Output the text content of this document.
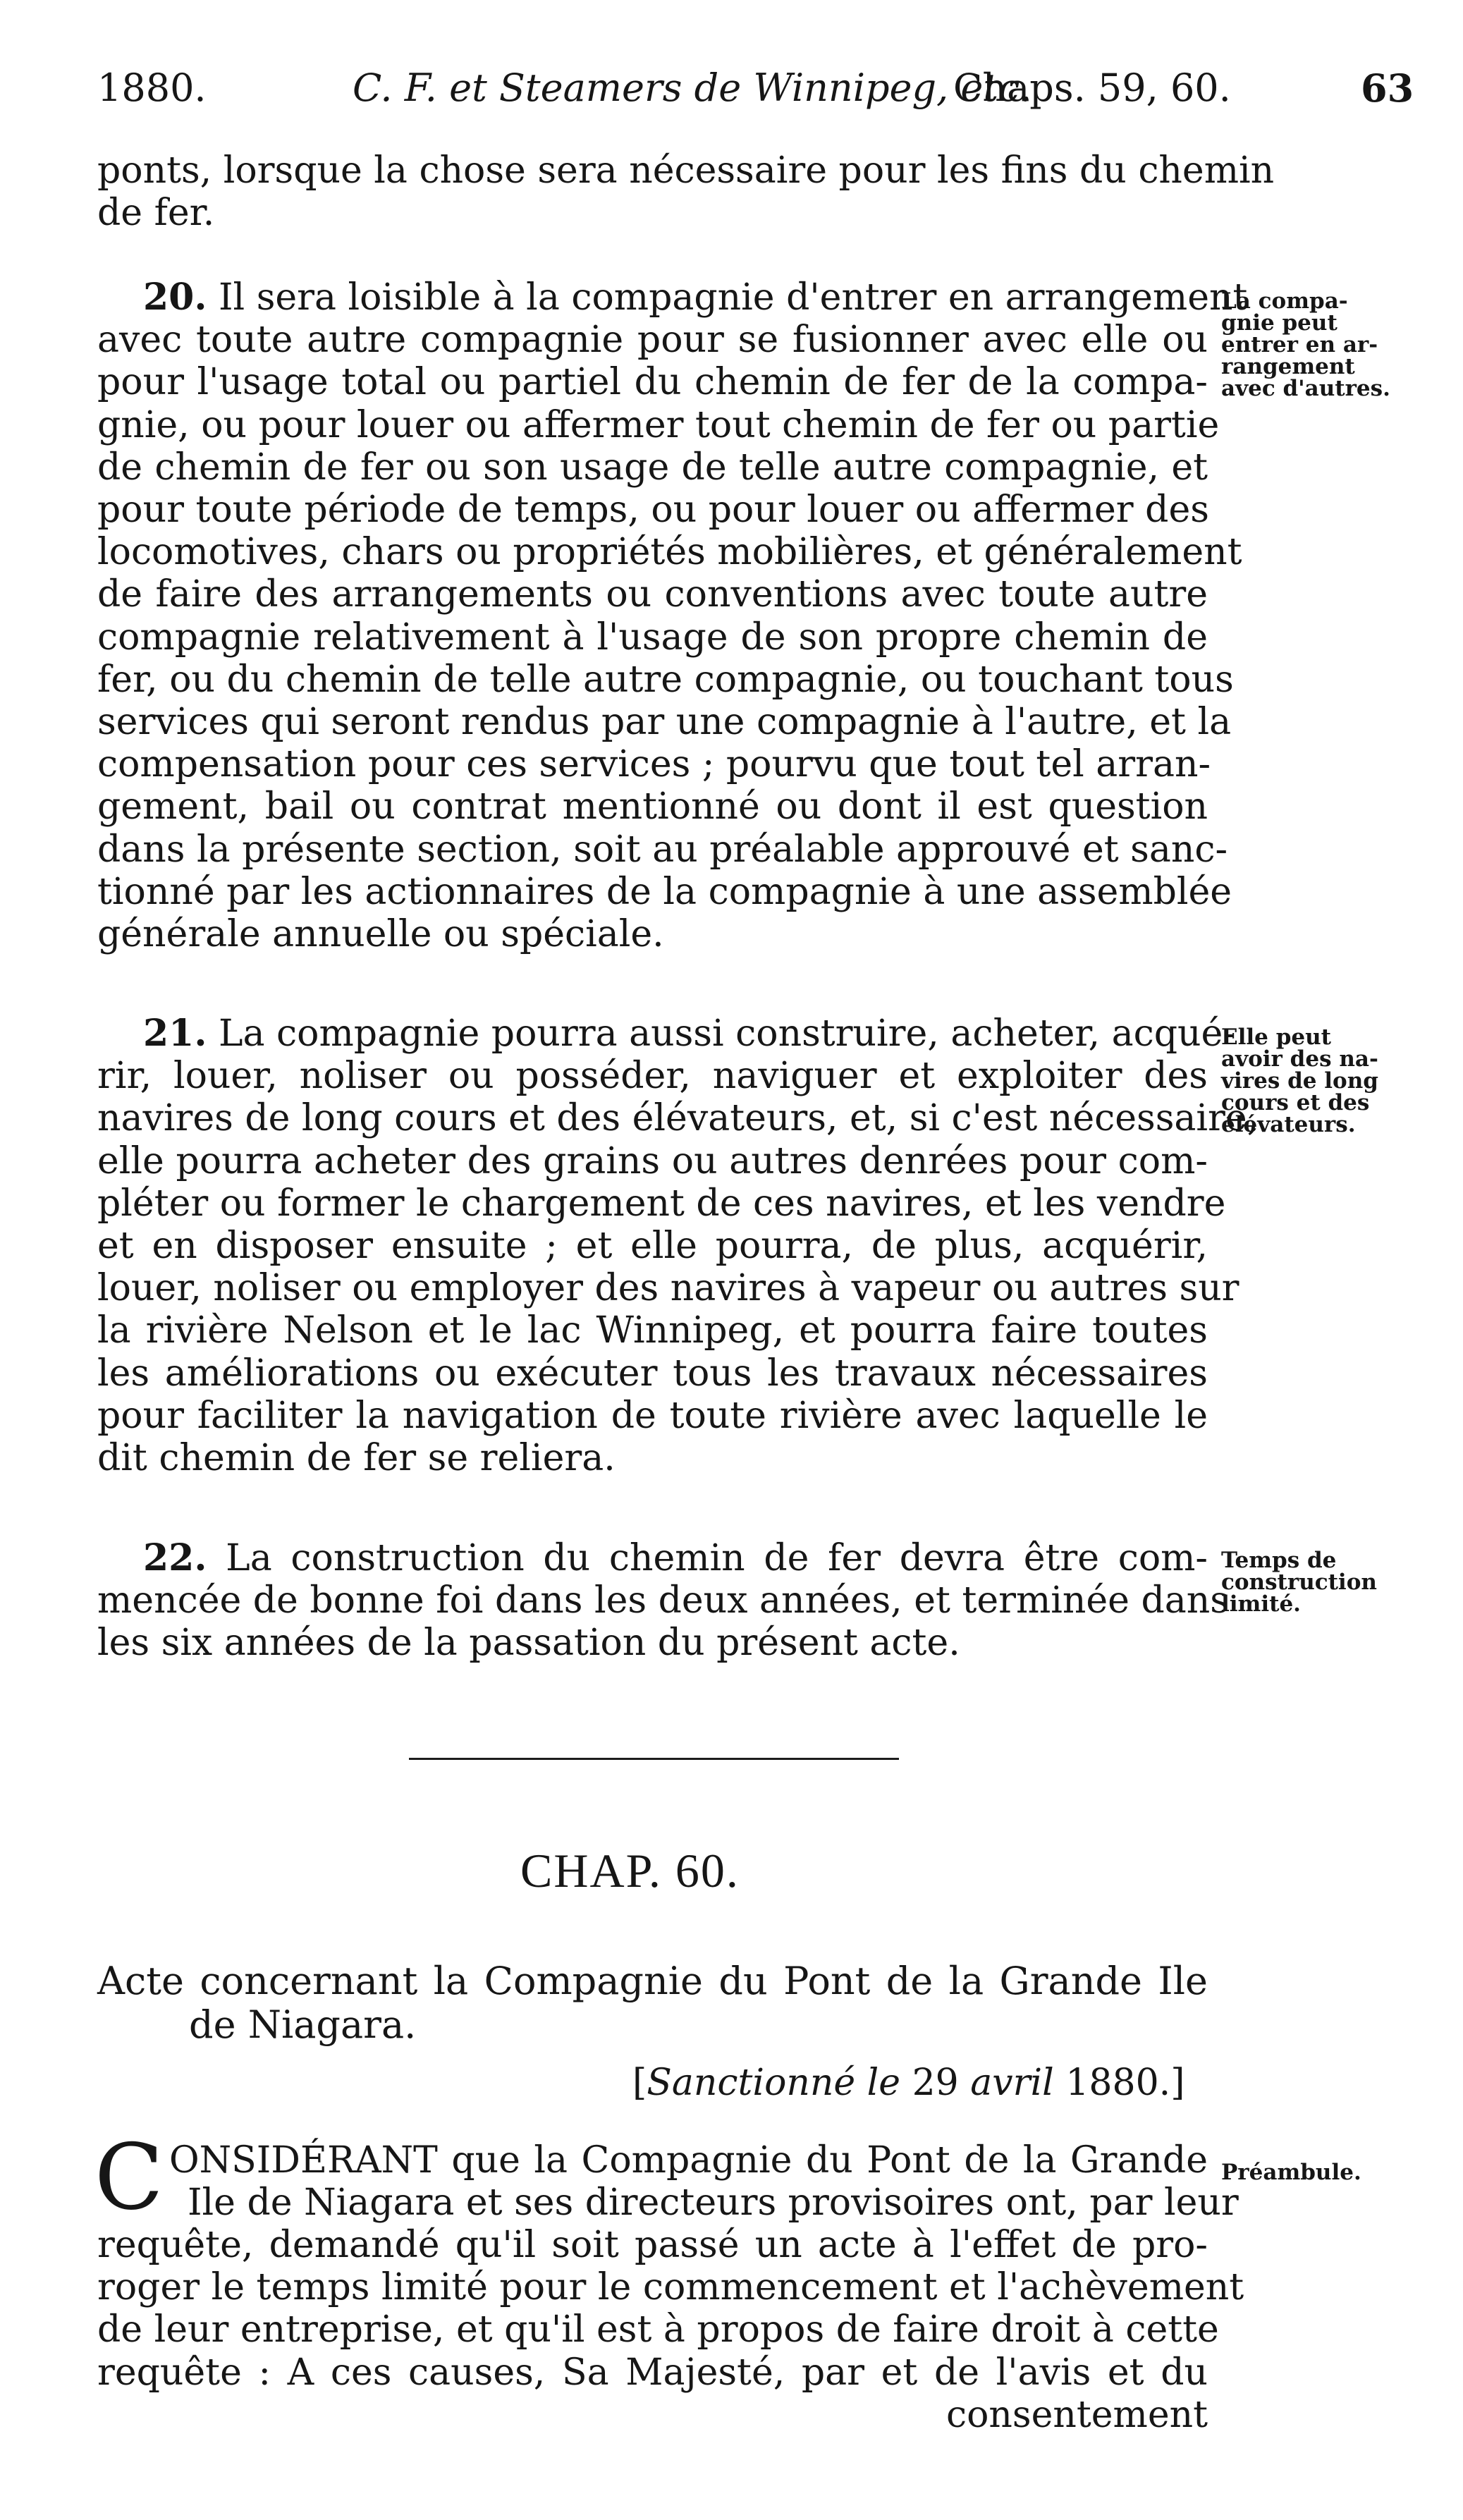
1880.	C. F. et Steamers de Winnipeg, etc.
Chaps. 59, 60.	63
ponts, lorsque la chose sera nécessaire pour les fins du chemin
de fer.
20. Il sera loisible à la compagnie d'entrer en arrangement
avec toute autre compagnie pour se fusionner avec elle ou
pour l'usage total ou partiel du chemin de fer de la compa-
gnie, ou pour louer ou affermer tout chemin de fer ou partie
de chemin de fer ou son usage de telle autre compagnie, et
pour toute période de temps, ou pour louer ou affermer des
locomotives, chars ou propriétés mobilières, et généralement
de faire des arrangements ou conventions avec toute autre
compagnie relativement à l'usage de son propre chemin de
fer, ou du chemin de telle autre compagnie, ou touchant tous
services qui seront rendus par une compagnie à l'autre, et la
compensation pour ces services ; pourvu que tout tel arran-
gement, bail ou contrat mentionné ou dont il est question
dans la présente section, soit au préalable approuvé et sanc-
tionné par les actionnaires de la compagnie à une assemblée
générale annuelle ou spéciale.
La compa-
gnie peut
entrer en ar-
rangement
avec d'autres.
21. La compagnie pourra aussi construire, acheter, acqué-
rir, louer, noliser ou posséder, naviguer et exploiter des
navires de long cours et des élévateurs, et, si c'est nécessaire,
elle pourra acheter des grains ou autres denrées pour com-
pléter ou former le chargement de ces navires, et les vendre
et en disposer ensuite ; et elle pourra, de plus, acquérir,
louer, noliser ou employer des navires à vapeur ou autres sur
la rivière Nelson et le lac Winnipeg, et pourra faire toutes
les améliorations ou exécuter tous les travaux nécessaires
pour faciliter la navigation de toute rivière avec laquelle le
dit chemin de fer se reliera.
Elle peut
avoir des na-
vires de long
cours et des
élévateurs.
22. La construction du chemin de fer devra être com-
mencée de bonne foi dans les deux années, et terminée dans
les six années de la passation du présent acte.
Temps de
construction
limité.
CHAP. 60.
Acte concernant la Compagnie du Pont de la Grande Ile
de Niagara.
[Sanctionné le 29 avril 1880.]
C ONSIDÉRANT que la Compagnie du Pont de la Grande
Ile de Niagara et ses directeurs provisoires ont, par leur
requête, demandé qu'il soit passé un acte à l'effet de pro-
roger le temps limité pour le commencement et l'achèvement
de leur entreprise, et qu'il est à propos de faire droit à cette
requête : A ces causes, Sa Majesté, par et de l'avis et du
consentement
Préambule.
